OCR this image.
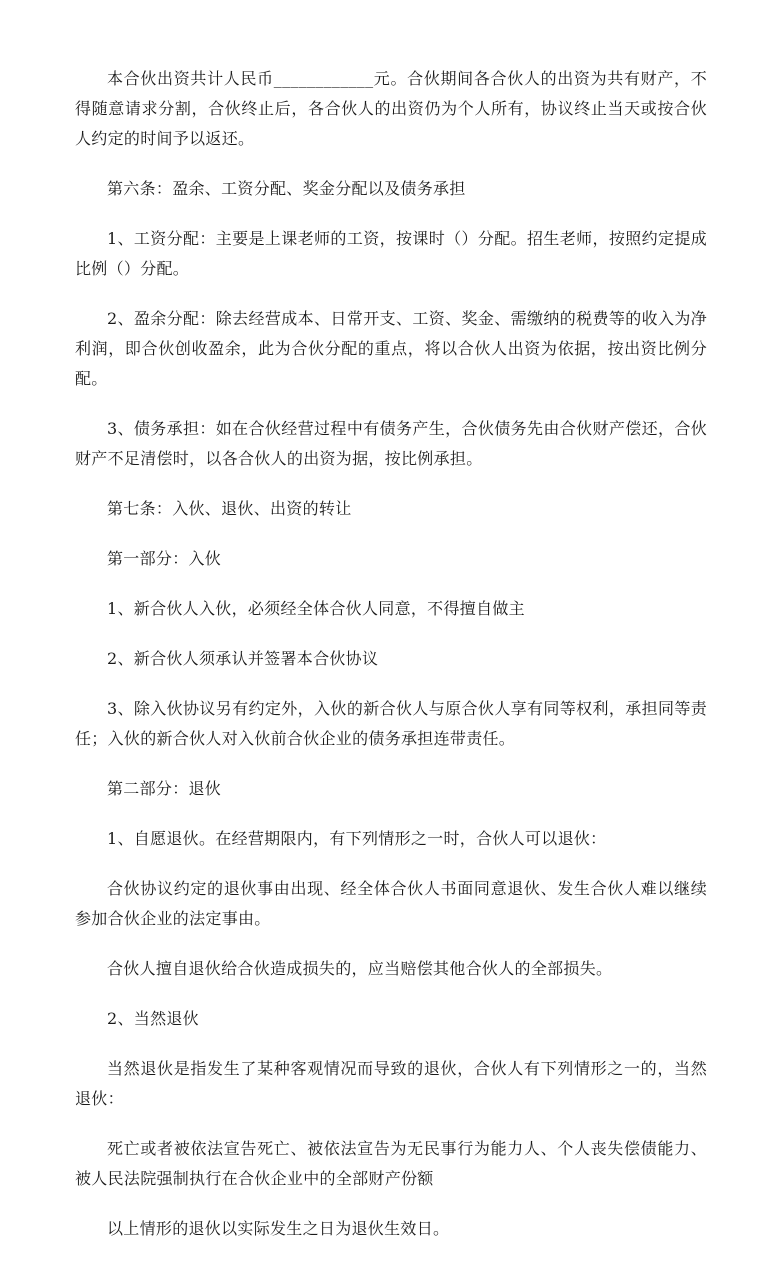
本合伙出资共计人民币____________元。合伙期间各合伙人的出资为共有财产，不得随意请求分割，合伙终止后，各合伙人的出资仍为个人所有，协议终止当天或按合伙人约定的时间予以返还。

第六条：盈余、工资分配、奖金分配以及债务承担

1、工资分配：主要是上课老师的工资，按课时（）分配。招生老师，按照约定提成比例（）分配。

2、盈余分配：除去经营成本、日常开支、工资、奖金、需缴纳的税费等的收入为净利润，即合伙创收盈余，此为合伙分配的重点，将以合伙人出资为依据，按出资比例分配。

3、债务承担：如在合伙经营过程中有债务产生，合伙债务先由合伙财产偿还，合伙财产不足清偿时，以各合伙人的出资为据，按比例承担。

第七条：入伙、退伙、出资的转让

第一部分：入伙

1、新合伙人入伙，必须经全体合伙人同意，不得擅自做主

2、新合伙人须承认并签署本合伙协议

3、除入伙协议另有约定外，入伙的新合伙人与原合伙人享有同等权利，承担同等责任；入伙的新合伙人对入伙前合伙企业的债务承担连带责任。

第二部分：退伙

1、自愿退伙。在经营期限内，有下列情形之一时，合伙人可以退伙：

合伙协议约定的退伙事由出现、经全体合伙人书面同意退伙、发生合伙人难以继续参加合伙企业的法定事由。

合伙人擅自退伙给合伙造成损失的，应当赔偿其他合伙人的全部损失。

2、当然退伙

当然退伙是指发生了某种客观情况而导致的退伙，合伙人有下列情形之一的，当然退伙：

死亡或者被依法宣告死亡、被依法宣告为无民事行为能力人、个人丧失偿债能力、被人民法院强制执行在合伙企业中的全部财产份额

以上情形的退伙以实际发生之日为退伙生效日。
